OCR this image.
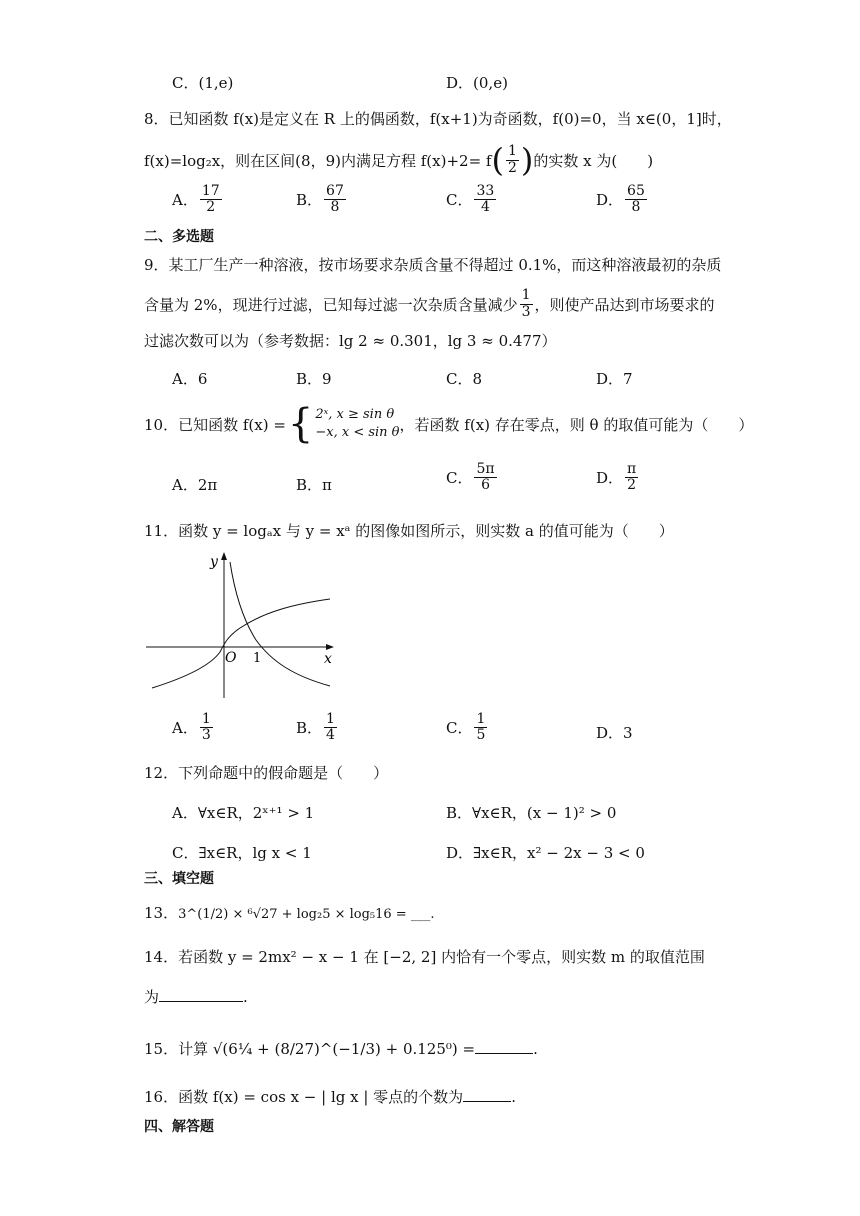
C．(1,e)	D．(0,e)
8．已知函数 f(x)是定义在 R 上的偶函数，f(x+1)为奇函数，f(0)=0，当 x∈(0，1]时，
f(x)=log₂x，则在区间(8，9)内满足方程 f(x)+2= f ( $\frac{1}{2}$ ) 的实数 x 为(　　)
A． $\frac{17}{2}$	B． $\frac{67}{8}$	C． $\frac{33}{4}$	D． $\frac{65}{8}$
二、多选题
9．某工厂生产一种溶液，按市场要求杂质含量不得超过 0.1%，而这种溶液最初的杂质
含量为 2%，现进行过滤，已知每过滤一次杂质含量减少 $\frac{1}{3}$ ，则使产品达到市场要求的
过滤次数可以为（参考数据：lg 2 ≈ 0.301，lg 3 ≈ 0.477）
A．6	B．9	C．8	D．7
10．已知函数 f(x) = { 2ˣ, x ≥ sin θ
−x, x < sin θ ，若函数 f(x) 存在零点，则 θ 的取值可能为（　　）
A．2π	B．π	C． $\frac{5\pi}{6}$	D． $\frac{\pi}{2}$
11．函数 y = logₐx 与 y = xᵃ 的图像如图所示，则实数 a 的值可能为（　　）
y
x
O 1
A． $\frac{1}{3}$	B． $\frac{1}{4}$	C． $\frac{1}{5}$	D．3
12．下列命题中的假命题是（　　）
A．∀x∈R，2ˣ⁺¹ > 1	B．∀x∈R，(x − 1)² > 0
C．∃x∈R，lg x < 1	D．∃x∈R，x² − 2x − 3 < 0
三、填空题
13．3^(1/2) × ⁶√27 + log₂5 × log₅16 = ___.
14．若函数 y = 2mx² − x − 1 在 [−2, 2] 内恰有一个零点，则实数 m 的取值范围
为	.
15．计算 √(6¼ + (8/27)^(−1/3) + 0.125⁰) =	.
16．函数 f(x) = cos x − | lg x | 零点的个数为	.
四、解答题
